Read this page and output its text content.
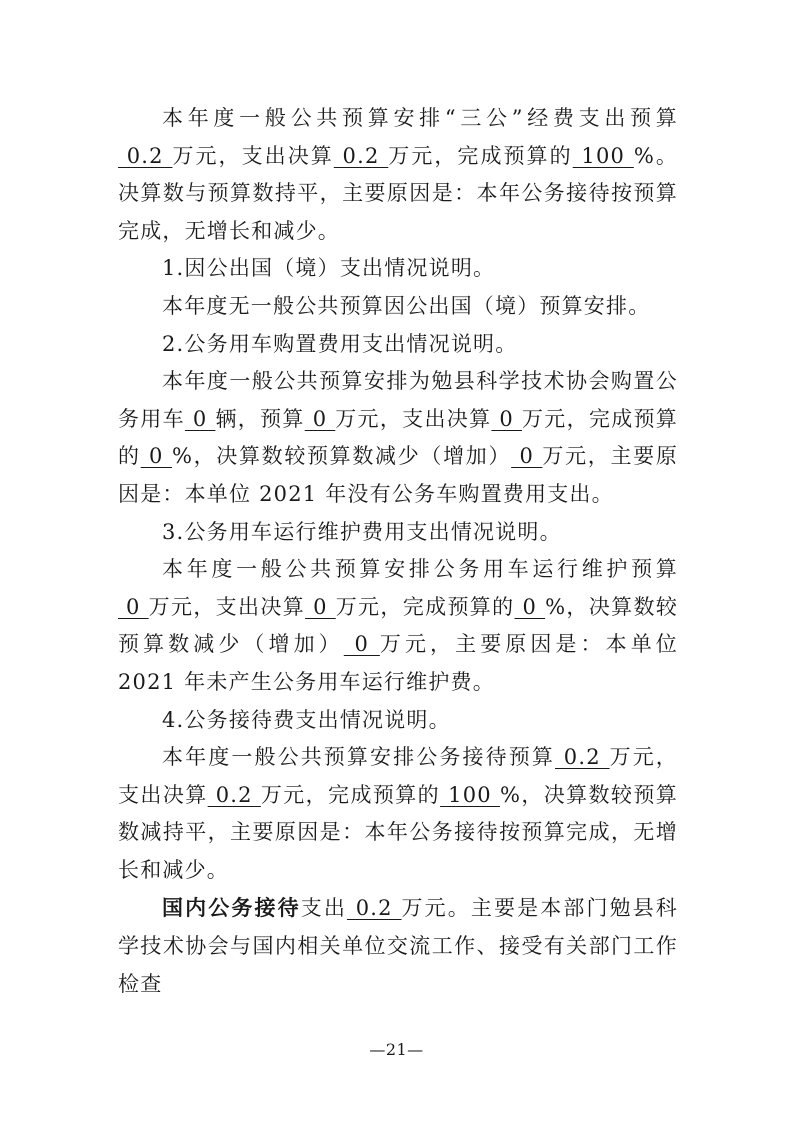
本年度一般公共预算安排“三公”经费支出预算 0.2 万元，支出决算 0.2 万元，完成预算的 100 %。决算数与预算数持平，主要原因是：本年公务接待按预算完成，无增长和减少。

1.因公出国（境）支出情况说明。

本年度无一般公共预算因公出国（境）预算安排。

2.公务用车购置费用支出情况说明。

本年度一般公共预算安排为勉县科学技术协会购置公务用车 0 辆，预算 0 万元，支出决算 0 万元，完成预算的 0 %，决算数较预算数减少（增加） 0 万元，主要原因是：本单位 2021 年没有公务车购置费用支出。

3.公务用车运行维护费用支出情况说明。

本年度一般公共预算安排公务用车运行维护预算 0 万元，支出决算 0 万元，完成预算的 0 %，决算数较预算数减少（增加） 0 万元，主要原因是：本单位 2021 年未产生公务用车运行维护费。

4.公务接待费支出情况说明。

本年度一般公共预算安排公务接待预算 0.2 万元，支出决算 0.2 万元，完成预算的 100 %，决算数较预算数减持平，主要原因是：本年公务接待按预算完成，无增长和减少。

国内公务接待支出 0.2 万元。主要是本部门勉县科学技术协会与国内相关单位交流工作、接受有关部门工作检查

—21—
